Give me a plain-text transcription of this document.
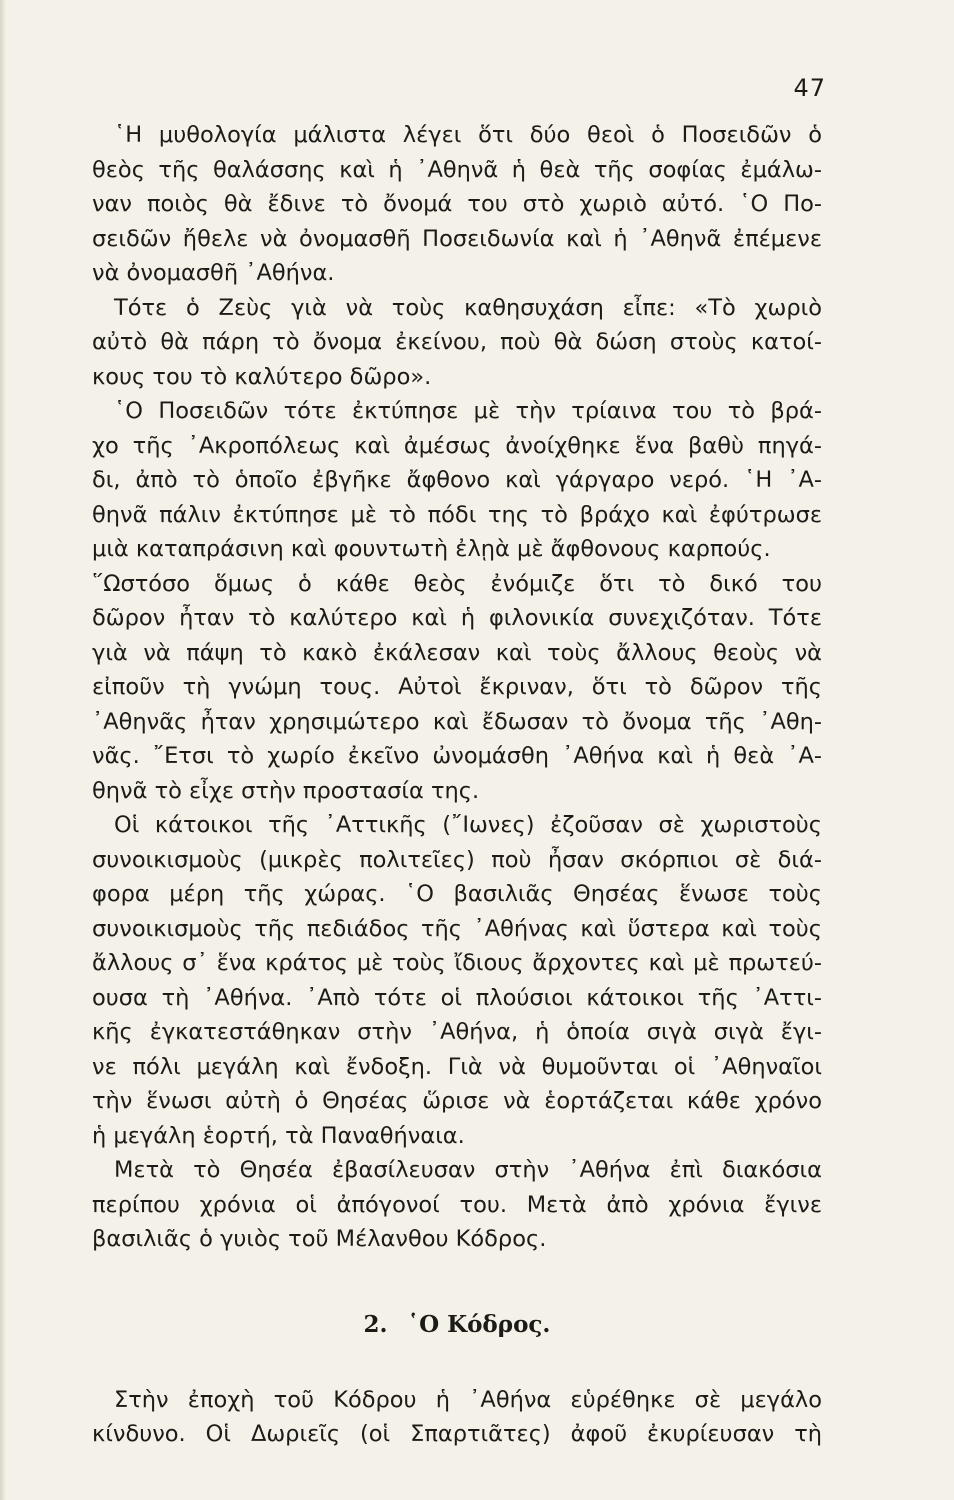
47
῾Η μυθολογία μάλιστα λέγει ὅτι δύο θεοὶ ὁ Ποσειδῶν ὁ
θεὸς τῆς θαλάσσης καὶ ἡ ᾿Αθηνᾶ ἡ θεὰ τῆς σοφίας ἐμάλω-
ναν ποιὸς θὰ ἔδινε τὸ ὄνομά του στὸ χωριὸ αὐτό. ῾Ο Πο-
σειδῶν ἤθελε νὰ ὀνομασθῆ Ποσειδωνία καὶ ἡ ᾿Αθηνᾶ ἐπέμενε
νὰ ὀνομασθῆ ᾿Αθήνα.
Τότε ὁ Ζεὺς γιὰ νὰ τοὺς καθησυχάση εἶπε: «Τὸ χωριὸ
αὐτὸ θὰ πάρη τὸ ὄνομα ἐκείνου, ποὺ θὰ δώση στοὺς κατοί-
κους του τὸ καλύτερο δῶρο».
῾Ο Ποσειδῶν τότε ἐκτύπησε μὲ τὴν τρίαινα του τὸ βρά-
χο τῆς ᾿Ακροπόλεως καὶ ἀμέσως ἀνοίχθηκε ἕνα βαθὺ πηγά-
δι, ἀπὸ τὸ ὁποῖο ἐβγῆκε ἄφθονο καὶ γάργαρο νερό. ῾Η ᾿Α-
θηνᾶ πάλιν ἐκτύπησε μὲ τὸ πόδι της τὸ βράχο καὶ ἐφύτρωσε
μιὰ καταπράσινη καὶ φουντωτὴ ἐλῃὰ μὲ ἄφθονους καρπούς.
῞Ωστόσο ὅμως ὁ κάθε θεὸς ἐνόμιζε ὅτι τὸ δικό του
δῶρον ἦταν τὸ καλύτερο καὶ ἡ φιλονικία συνεχιζόταν. Τότε
γιὰ νὰ πάψη τὸ κακὸ ἐκάλεσαν καὶ τοὺς ἄλλους θεοὺς νὰ
εἰποῦν τὴ γνώμη τους. Αὐτοὶ ἔκριναν, ὅτι τὸ δῶρον τῆς
᾿Αθηνᾶς ἦταν χρησιμώτερο καὶ ἔδωσαν τὸ ὄνομα τῆς ᾿Αθη-
νᾶς. ῎Ετσι τὸ χωρίο ἐκεῖνο ὠνομάσθη ᾿Αθήνα καὶ ἡ θεὰ ᾿Α-
θηνᾶ τὸ εἶχε στὴν προστασία της.
Οἱ κάτοικοι τῆς ᾿Αττικῆς (῎Ιωνες) ἐζοῦσαν σὲ χωριστοὺς
συνοικισμοὺς (μικρὲς πολιτεῖες) ποὺ ἦσαν σκόρπιοι σὲ διά-
φορα μέρη τῆς χώρας. ῾Ο βασιλιᾶς Θησέας ἕνωσε τοὺς
συνοικισμοὺς τῆς πεδιάδος τῆς ᾿Αθήνας καὶ ὕστερα καὶ τοὺς
ἄλλους σ᾿ ἕνα κράτος μὲ τοὺς ἴδιους ἄρχοντες καὶ μὲ πρωτεύ-
ουσα τὴ ᾿Αθήνα. ᾿Απὸ τότε οἱ πλούσιοι κάτοικοι τῆς ᾿Αττι-
κῆς ἐγκατεστάθηκαν στὴν ᾿Αθήνα, ἡ ὁποία σιγὰ σιγὰ ἔγι-
νε πόλι μεγάλη καὶ ἔνδοξη. Γιὰ νὰ θυμοῦνται οἱ ᾿Αθηναῖοι
τὴν ἕνωσι αὐτὴ ὁ Θησέας ὥρισε νὰ ἑορτάζεται κάθε χρόνο
ἡ μεγάλη ἑορτή, τὰ Παναθήναια.
Μετὰ τὸ Θησέα ἐβασίλευσαν στὴν ᾿Αθήνα ἐπὶ διακόσια
περίπου χρόνια οἱ ἀπόγονοί του. Μετὰ ἀπὸ χρόνια ἔγινε
βασιλιᾶς ὁ γυιὸς τοῦ Μέλανθου Κόδρος.
2. ῾Ο Κόδρος.
Στὴν ἐποχὴ τοῦ Κόδρου ἡ ᾿Αθήνα εὑρέθηκε σὲ μεγάλο
κίνδυνο. Οἱ Δωριεῖς (οἱ Σπαρτιᾶτες) ἀφοῦ ἐκυρίευσαν τὴ
